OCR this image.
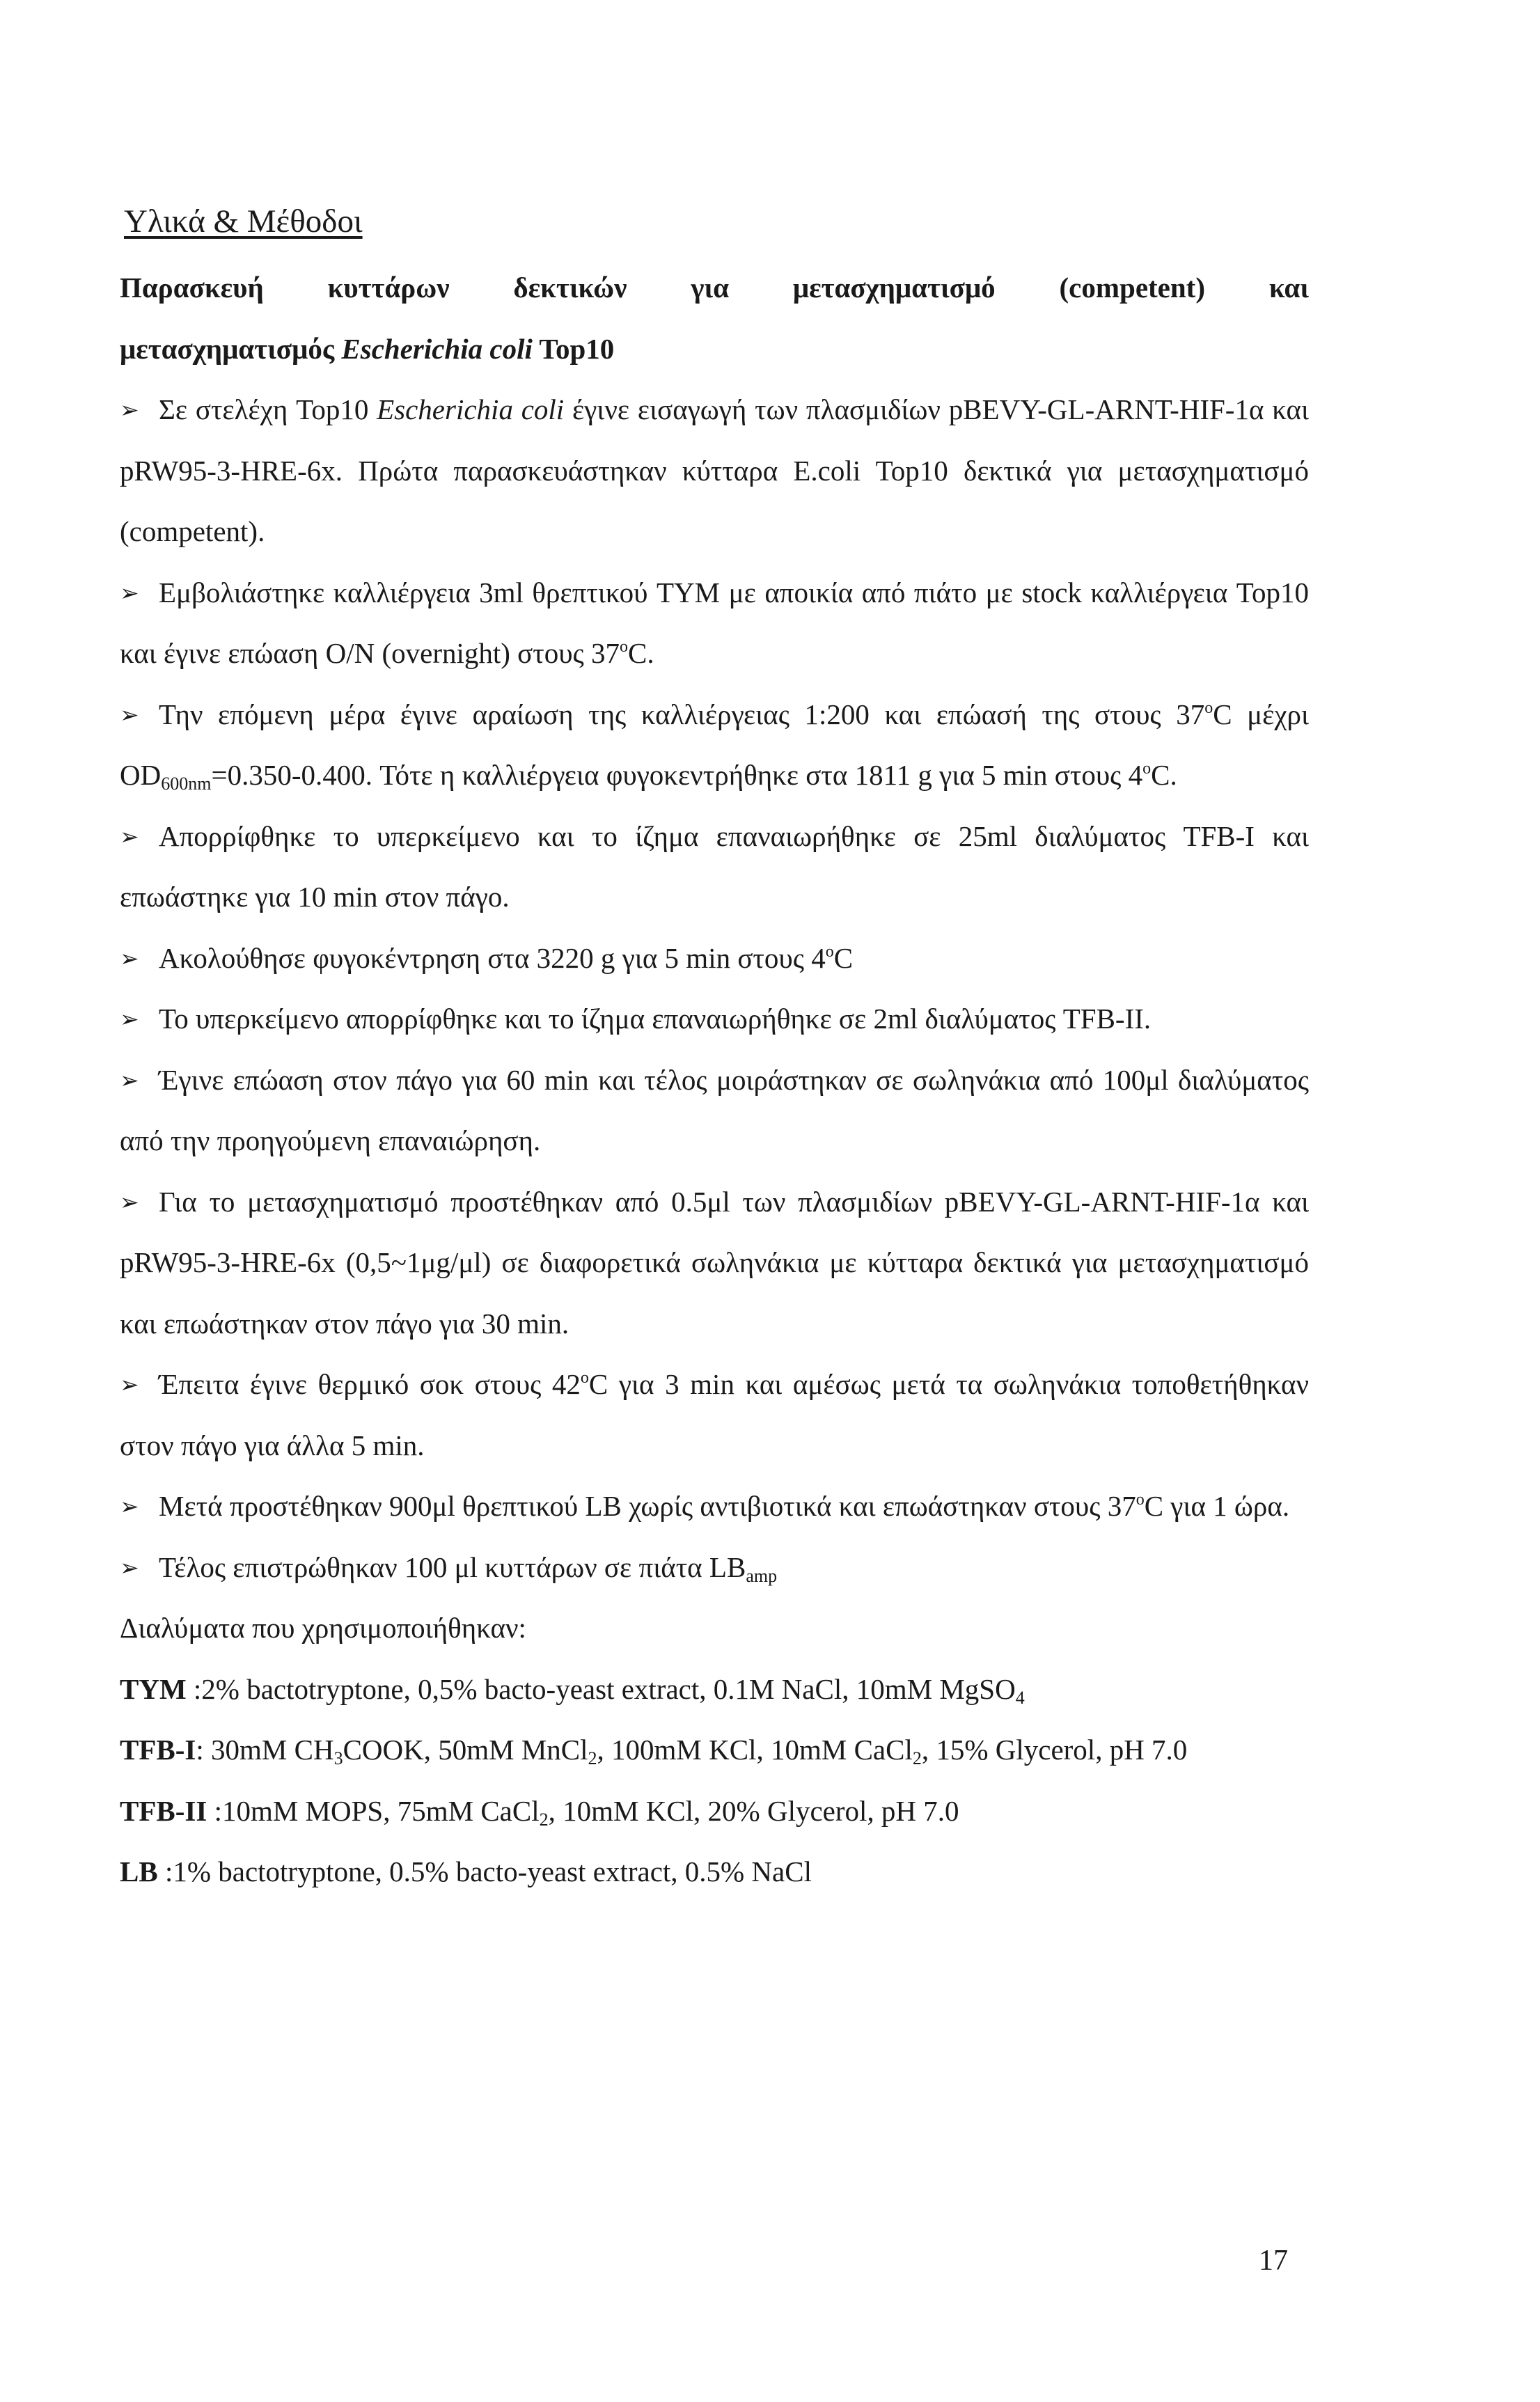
Υλικά & Μέθοδοι

Παρασκευή κυττάρων δεκτικών για μετασχηματισμό (competent) και

μετασχηματισμός Escherichia coli Top10

➢ Σε στελέχη Top10 Escherichia coli έγινε εισαγωγή των πλασμιδίων pBEVY-GL-ARNT-HIF-1α και pRW95-3-HRE-6x. Πρώτα παρασκευάστηκαν κύτταρα E.coli Top10 δεκτικά για μετασχηματισμό (competent).

➢ Εμβολιάστηκε καλλιέργεια 3ml θρεπτικού TYM με αποικία από πιάτο με stock καλλιέργεια Top10 και έγινε επώαση O/N (overnight) στους 37$^o$C.

➢ Την επόμενη μέρα έγινε αραίωση της καλλιέργειας 1:200 και επώασή της στους 37$^o$C μέχρι $OD_{600nm}=0.350-0.400$. Τότε η καλλιέργεια φυγοκεντρήθηκε στα 1811 g για 5 min στους 4$^o$C.

➢ Απορρίφθηκε το υπερκείμενο και το ίζημα επαναιωρήθηκε σε 25ml διαλύματος TFB-I και επωάστηκε για 10 min στον πάγο.

➢ Ακολούθησε φυγοκέντρηση στα 3220 g για 5 min στους 4$^o$C

➢ Το υπερκείμενο απορρίφθηκε και το ίζημα επαναιωρήθηκε σε 2ml διαλύματος TFB-II.

➢ Έγινε επώαση στον πάγο για 60 min και τέλος μοιράστηκαν σε σωληνάκια από 100μl διαλύματος από την προηγούμενη επαναιώρηση.

➢ Για το μετασχηματισμό προστέθηκαν από 0.5μl των πλασμιδίων pBEVY-GL-ARNT-HIF-1α και pRW95-3-HRE-6x (0,5~1μg/μl) σε διαφορετικά σωληνάκια με κύτταρα δεκτικά για μετασχηματισμό και επωάστηκαν στον πάγο για 30 min.

➢ Έπειτα έγινε θερμικό σοκ στους 42$^o$C για 3 min και αμέσως μετά τα σωληνάκια τοποθετήθηκαν στον πάγο για άλλα 5 min.

➢ Μετά προστέθηκαν 900μl θρεπτικού LB χωρίς αντιβιοτικά και επωάστηκαν στους 37$^o$C για 1 ώρα.

➢ Τέλος επιστρώθηκαν 100 μl κυττάρων σε πιάτα $LB_{amp}$

Διαλύματα που χρησιμοποιήθηκαν:

TYM :2% bactotryptone, 0,5% bacto-yeast extract, 0.1M NaCl, 10mM MgSO$_4$

TFB-I: 30mM $CH_3COOK$, 50mM MnCl$_2$, 100mM KCl, 10mM CaCl$_2$, 15% Glycerol, pH 7.0

TFB-II :10mM MOPS, 75mM CaCl$_2$, 10mM KCl, 20% Glycerol, pH 7.0

LB :1% bactotryptone, 0.5% bacto-yeast extract, 0.5% NaCl

17
